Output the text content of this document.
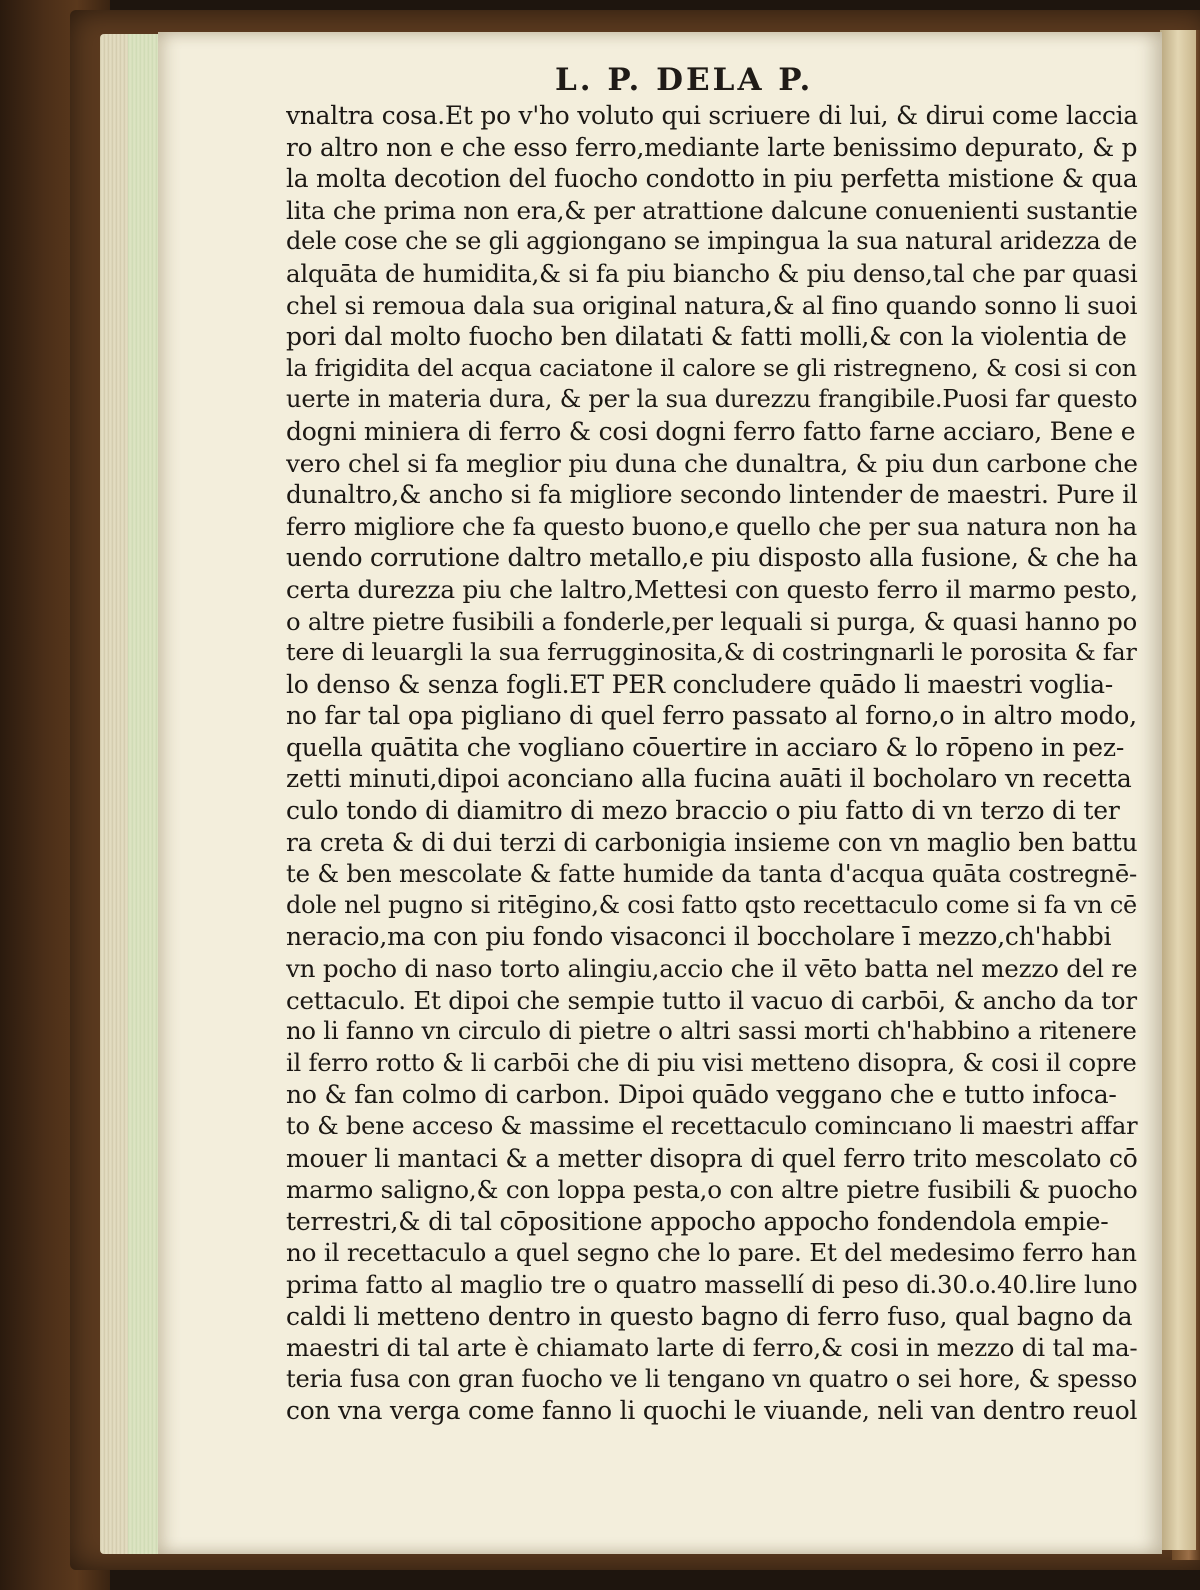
L. P. DELA P.
vnaltra cosa.Et po v'ho voluto qui scriuere di lui, & dirui come laccia
ro altro non e che esso ferro,mediante larte benissimo depurato, & p
la molta decotion del fuocho condotto in piu perfetta mistione & qua
lita che prima non era,& per atrattione dalcune conuenienti sustantie
dele cose che se gli aggiongano se impingua la sua natural aridezza de
alquāta de humidita,& si fa piu biancho & piu denso,tal che par quasi
chel si remoua dala sua original natura,& al fino quando sonno li suoi
pori dal molto fuocho ben dilatati & fatti molli,& con la violentia de
la frigidita del acqua caciatone il calore se gli ristregneno, & cosi si con
uerte in materia dura, & per la sua durezzu frangibile.Puosi far questo
dogni miniera di ferro & cosi dogni ferro fatto farne acciaro, Bene e
vero chel si fa meglior piu duna che dunaltra, & piu dun carbone che
dunaltro,& ancho si fa migliore secondo lintender de maestri. Pure il
ferro migliore che fa questo buono,e quello che per sua natura non ha
uendo corrutione daltro metallo,e piu disposto alla fusione, & che ha
certa durezza piu che laltro,Mettesi con questo ferro il marmo pesto,
o altre pietre fusibili a fonderle,per lequali si purga, & quasi hanno po
tere di leuargli la sua ferrugginosita,& di costringnarli le porosita & far
lo denso & senza fogli.ET PER concludere quādo li maestri voglia-
no far tal opa pigliano di quel ferro passato al forno,o in altro modo,
quella quātita che vogliano cōuertire in acciaro & lo rōpeno in pez-
zetti minuti,dipoi aconciano alla fucina auāti il bocholaro vn recetta
culo tondo di diamitro di mezo braccio o piu fatto di vn terzo di ter
ra creta & di dui terzi di carbonigia insieme con vn maglio ben battu
te & ben mescolate & fatte humide da tanta d'acqua quāta costregnē-
dole nel pugno si ritēgino,& cosi fatto qsto recettaculo come si fa vn cē
neracio,ma con piu fondo visaconci il boccholare ī mezzo,ch'habbi
vn pocho di naso torto alingiu,accio che il vēto batta nel mezzo del re
cettaculo. Et dipoi che sempie tutto il vacuo di carbōi, & ancho da tor
no li fanno vn circulo di pietre o altri sassi morti ch'habbino a ritenere
il ferro rotto & li carbōi che di piu visi metteno disopra, & cosi il copre
no & fan colmo di carbon. Dipoi quādo veggano che e tutto infoca-
to & bene acceso & massime el recettaculo comincıano li maestri affar
mouer li mantaci & a metter disopra di quel ferro trito mescolato cō
marmo saligno,& con loppa pesta,o con altre pietre fusibili & puocho
terrestri,& di tal cōpositione appocho appocho fondendola empie-
no il recettaculo a quel segno che lo pare. Et del medesimo ferro han
prima fatto al maglio tre o quatro massellí di peso di.30.o.40.lire luno
caldi li metteno dentro in questo bagno di ferro fuso, qual bagno da
maestri di tal arte è chiamato larte di ferro,& cosi in mezzo di tal ma-
teria fusa con gran fuocho ve li tengano vn quatro o sei hore, & spesso
con vna verga come fanno li quochi le viuande, neli van dentro reuol
